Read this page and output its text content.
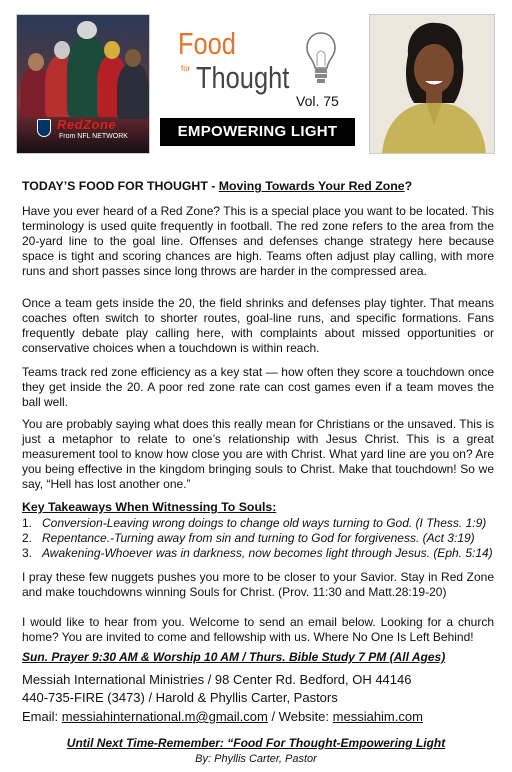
RedZone
From NFL NETWORK
Food
for Thought
Vol. 75
EMPOWERING LIGHT
TODAY’S FOOD FOR THOUGHT - Moving Towards Your Red Zone?

Have you ever heard of a Red Zone? This is a special place you want to be located. This terminology is used quite frequently in football. The red zone refers to the area from the 20-yard line to the goal line. Offenses and defenses change strategy here because space is tight and scoring chances are high. Teams often adjust play calling, with more runs and short passes since long throws are harder in the compressed area.

Once a team gets inside the 20, the field shrinks and defenses play tighter. That means coaches often switch to shorter routes, goal-line runs, and specific formations. Fans frequently debate play calling here, with complaints about missed opportunities or conservative choices when a touchdown is within reach.

Teams track red zone efficiency as a key stat — how often they score a touchdown once they get inside the 20. A poor red zone rate can cost games even if a team moves the ball well.

You are probably saying what does this really mean for Christians or the unsaved. This is just a metaphor to relate to one’s relationship with Jesus Christ. This is a great measurement tool to know how close you are with Christ. What yard line are you on? Are you being effective in the kingdom bringing souls to Christ. Make that touchdown! So we say, “Hell has lost another one.”

Key Takeaways When Witnessing To Souls:
1. Conversion-Leaving wrong doings to change old ways turning to God. (I Thess. 1:9)
2. Repentance.-Turning away from sin and turning to God for forgiveness. (Act 3:19)
3. Awakening-Whoever was in darkness, now becomes light through Jesus. (Eph. 5:14)

I pray these few nuggets pushes you more to be closer to your Savior. Stay in Red Zone and make touchdowns winning Souls for Christ. (Prov. 11:30 and Matt.28:19-20)

I would like to hear from you. Welcome to send an email below. Looking for a church home? You are invited to come and fellowship with us. Where No One Is Left Behind!

Sun. Prayer 9:30 AM & Worship 10 AM / Thurs. Bible Study 7 PM (All Ages)
Messiah International Ministries / 98 Center Rd. Bedford, OH 44146
440-735-FIRE (3473) / Harold & Phyllis Carter, Pastors
Email: messiahinternational.m@gmail.com / Website: messiahim.com
Until Next Time-Remember: “Food For Thought-Empowering Light
By: Phyllis Carter, Pastor
